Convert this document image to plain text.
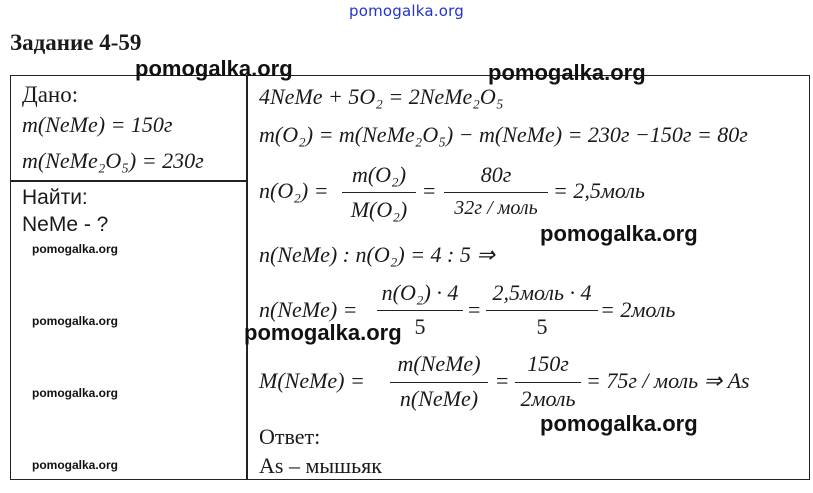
pomogalka.org
Задание 4-59
Дано:
m(NeMe) = 150г
m(NeMe₂O₅) = 230г
Найти:
NeMe - ?
4NeMe + 5O₂ = 2NeMe₂O₅
m(O₂) = m(NeMe₂O₅) − m(NeMe) = 230г −150г = 80г
n(O₂) =
m(O₂)
M(O₂)
=
80г
32г / моль
= 2,5моль
n(NeMe) : n(O₂) = 4 : 5 ⇒
n(NeMe) =
n(O₂) · 4
5
=
2,5моль · 4
5
= 2моль
M(NeMe) =
m(NeMe)
n(NeMe)
=
150г
2моль
= 75г / моль ⇒ As
Ответ:
As – мышьяк
pomogalka.org	pomogalka.org
pomogalka.org
pomogalka.org
pomogalka.org
pomogalka.org
pomogalka.org
pomogalka.org
pomogalka.org
